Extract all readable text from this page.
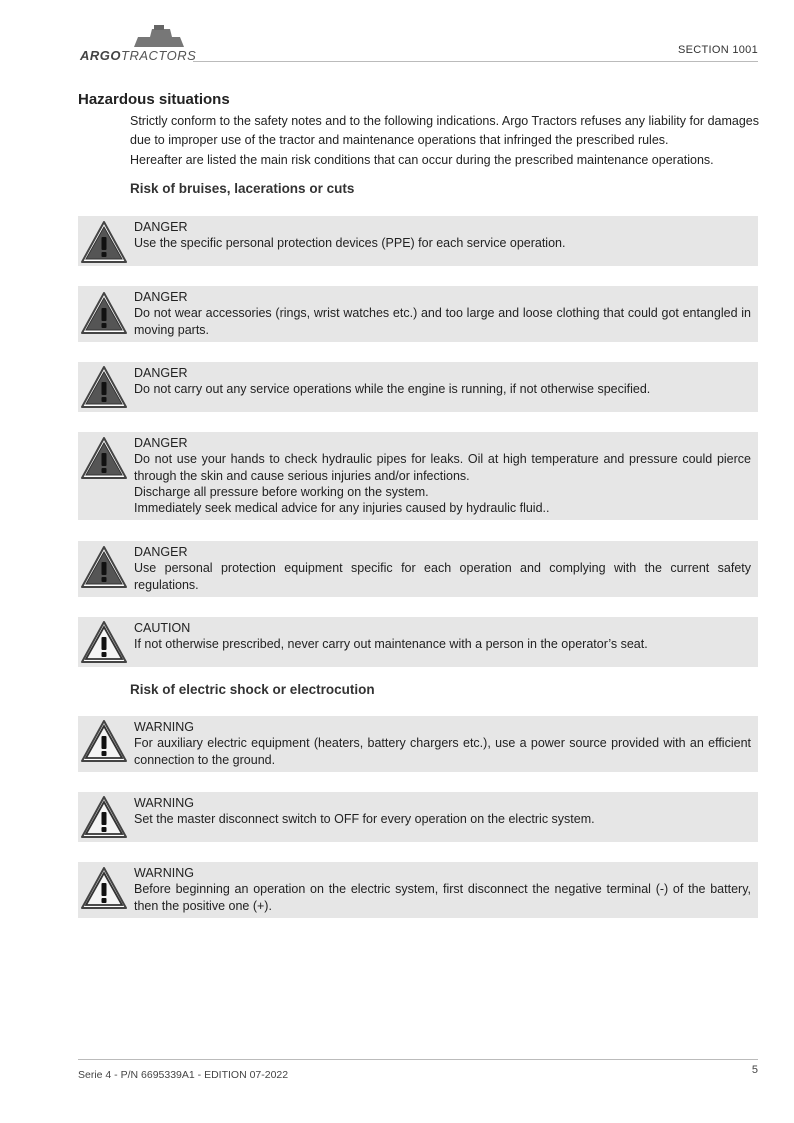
ARGOTRACTORS	SECTION 1001
Hazardous situations

Strictly conform to the safety notes and to the following indications. Argo Tractors refuses any liability for damages due to improper use of the tractor and maintenance operations that infringed the prescribed rules.

Hereafter are listed the main risk conditions that can occur during the prescribed maintenance operations.

Risk of bruises, lacerations or cuts
DANGER
Use the specific personal protection devices (PPE) for each service operation.
DANGER
Do not wear accessories (rings, wrist watches etc.) and too large and loose clothing that could got entangled in moving parts.
DANGER
Do not carry out any service operations while the engine is running, if not otherwise specified.
DANGER
Do not use your hands to check hydraulic pipes for leaks. Oil at high temperature and pressure could pierce through the skin and cause serious injuries and/or infections.
Discharge all pressure before working on the system.
Immediately seek medical advice for any injuries caused by hydraulic fluid..
DANGER
Use personal protection equipment specific for each operation and complying with the current safety regulations.
CAUTION
If not otherwise prescribed, never carry out maintenance with a person in the operator’s seat.
Risk of electric shock or electrocution
WARNING
For auxiliary electric equipment (heaters, battery chargers etc.), use a power source provided with an efficient connection to the ground.
WARNING
Set the master disconnect switch to OFF for every operation on the electric system.
WARNING
Before beginning an operation on the electric system, first disconnect the negative terminal (-) of the battery, then the positive one (+).
Serie 4 - P/N 6695339A1 - EDITION 07-2022	5
